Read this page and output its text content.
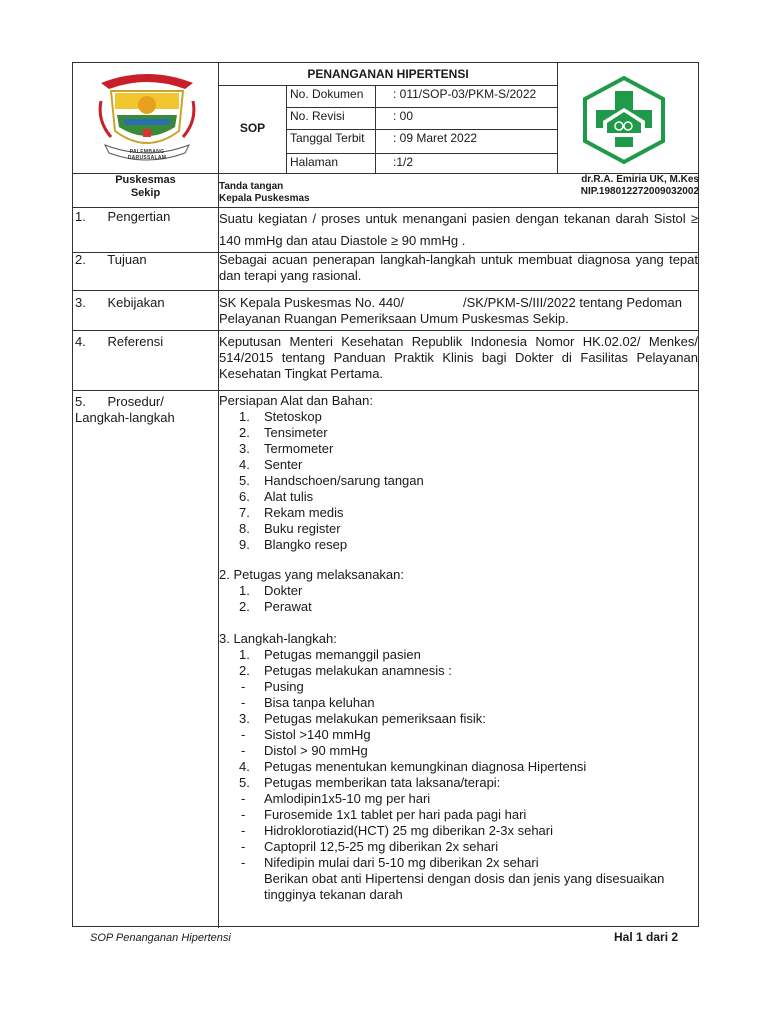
PALEMBANG DARUSSALAM
PENANGANAN HIPERTENSI
SOP
No. Dokumen : 011/SOP-03/PKM-S/2022
No. Revisi	: 00
Tanggal Terbit : 09 Maret 2022
Halaman	:1/2
Puskesmas
Sekip
Tanda tangan
Kepala Puskesmas
dr.R.A. Emiria UK, M.Kes
NIP.198012272009032002
1.      Pengertian	Suatu kegiatan / proses untuk menangani pasien dengan tekanan darah Sistol ≥ 140 mmHg dan atau Diastole ≥ 90 mmHg .
2.      Tujuan	Sebagai acuan penerapan langkah-langkah untuk membuat diagnosa yang tepat dan terapi yang rasional.
3.      Kebijakan	SK Kepala Puskesmas No. 440/	/SK/PKM-S/III/2022 tentang Pedoman
Pelayanan Ruangan Pemeriksaan Umum Puskesmas Sekip.
4.      Referensi	Keputusan Menteri Kesehatan Republik Indonesia Nomor HK.02.02/ Menkes/ 514/2015 tentang Panduan Praktik Klinis bagi Dokter di Fasilitas Pelayanan Kesehatan Tingkat Pertama.
5.      Prosedur/
Langkah-langkah
Persiapan Alat dan Bahan:
1. Stetoskop
2. Tensimeter
3. Termometer
4. Senter
5. Handschoen/sarung tangan
6. Alat tulis
7. Rekam medis
8. Buku register
9. Blangko resep
2. Petugas yang melaksanakan:
1. Dokter
2. Perawat
3. Langkah-langkah:
1. Petugas memanggil pasien
2. Petugas melakukan anamnesis :
- Pusing
- Bisa tanpa keluhan
3. Petugas melakukan pemeriksaan fisik:
- Sistol >140 mmHg
- Distol > 90 mmHg
4. Petugas menentukan kemungkinan diagnosa Hipertensi
5. Petugas memberikan tata laksana/terapi:
- Amlodipin1x5-10 mg per hari
- Furosemide 1x1 tablet per hari pada pagi hari
- Hidroklorotiazid(HCT) 25 mg diberikan 2-3x sehari
- Captopril 12,5-25 mg diberikan 2x sehari
- Nifedipin mulai dari 5-10 mg diberikan 2x sehari
Berikan obat anti Hipertensi dengan dosis dan jenis yang disesuaikan
tingginya tekanan darah
SOP Penanganan Hipertensi	Hal 1 dari 2
